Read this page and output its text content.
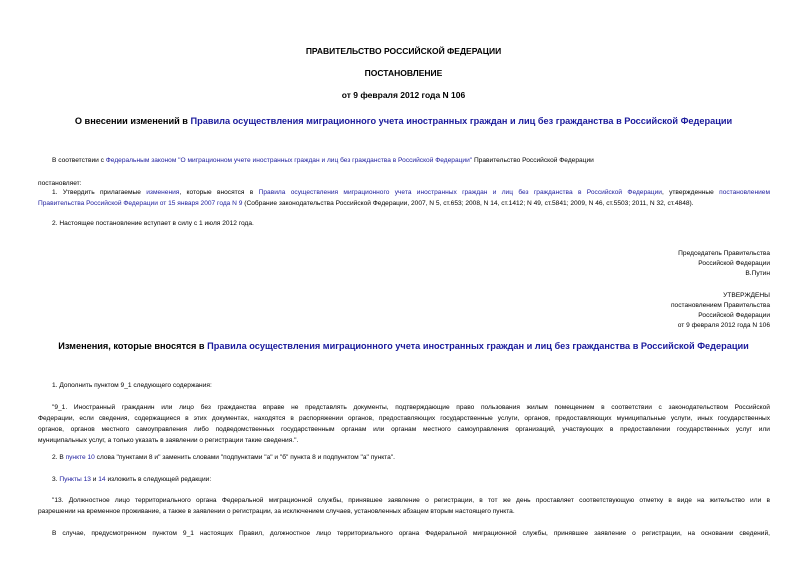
ПРАВИТЕЛЬСТВО РОССИЙСКОЙ ФЕДЕРАЦИИ
ПОСТАНОВЛЕНИЕ
от 9 февраля 2012 года N 106
О внесении изменений в Правила осуществления миграционного учета иностранных граждан и лиц без гражданства в Российской Федерации
В соответствии с Федеральным законом "О миграционном учете иностранных граждан и лиц без гражданства в Российской Федерации" Правительство Российской Федерации
постановляет:
1. Утвердить прилагаемые изменения, которые вносятся в Правила осуществления миграционного учета иностранных граждан и лиц без гражданства в Российской Федерации, утвержденные постановлением
Правительства Российской Федерации от 15 января 2007 года N 9 (Собрание законодательства Российской Федерации, 2007, N 5, ст.653; 2008, N 14, ст.1412; N 49, ст.5841; 2009, N 46, ст.5503; 2011, N 32, ст.4848).
2. Настоящее постановление вступает в силу с 1 июля 2012 года.
Председатель Правительства
Российской Федерации
В.Путин
УТВЕРЖДЕНЫ
постановлением Правительства
Российской Федерации
от 9 февраля 2012 года N 106
Изменения, которые вносятся в Правила осуществления миграционного учета иностранных граждан и лиц без гражданства в Российской Федерации
1. Дополнить пунктом 9_1 следующего содержания:
"9_1. Иностранный гражданин или лицо без гражданства вправе не представлять документы, подтверждающие право пользования жилым помещением в соответствии с законодательством Российской
Федерации, если сведения, содержащиеся в этих документах, находятся в распоряжении органов, предоставляющих государственные услуги, органов, предоставляющих муниципальные услуги, иных государственных
органов, органов местного самоуправления либо подведомственных государственным органам или органам местного самоуправления организаций, участвующих в предоставлении государственных услуг или
муниципальных услуг, а только указать в заявлении о регистрации такие сведения.".
2. В пункте 10 слова "пунктами 8 и" заменить словами "подпунктами "а" и "б" пункта 8 и подпунктом "а" пункта".
3. Пункты 13 и 14 изложить в следующей редакции:
"13. Должностное лицо территориального органа Федеральной миграционной службы, принявшее заявление о регистрации, в тот же день проставляет соответствующую отметку в виде на жительство или в
разрешении на временное проживание, а также в заявлении о регистрации, за исключением случаев, установленных абзацем вторым настоящего пункта.
В случае, предусмотренном пунктом 9_1 настоящих Правил, должностное лицо территориального органа Федеральной миграционной службы, принявшее заявление о регистрации, на основании сведений,
